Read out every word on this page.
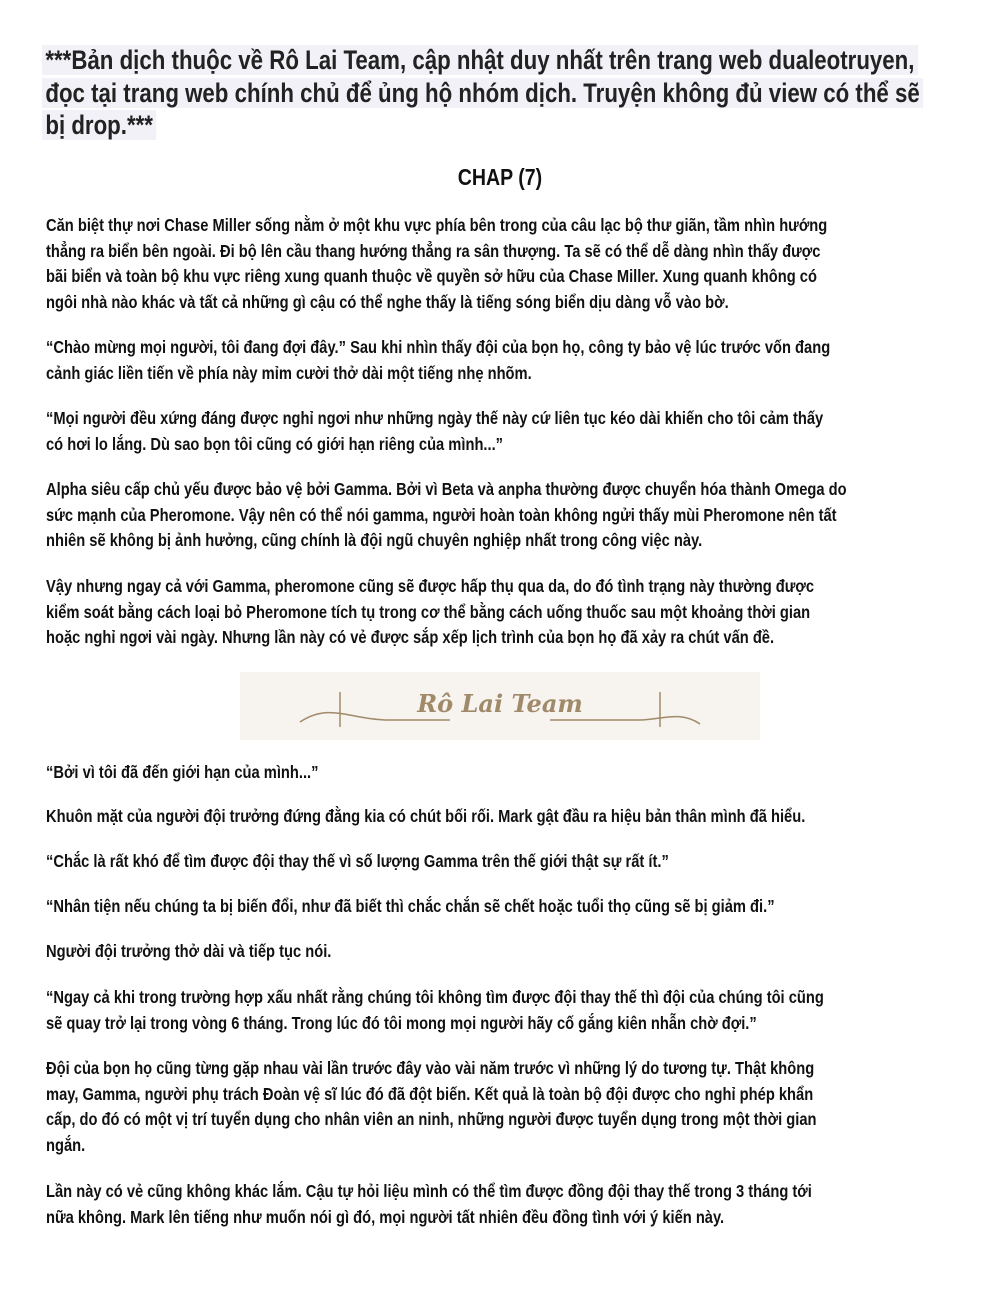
***Bản dịch thuộc về Rô Lai Team, cập nhật duy nhất trên trang web dualeotruyen,
đọc tại trang web chính chủ để ủng hộ nhóm dịch. Truyện không đủ view có thể sẽ
bị drop.***
CHAP (7)
Căn biệt thự nơi Chase Miller sống nằm ở một khu vực phía bên trong của câu lạc bộ thư giãn, tầm nhìn hướng
thẳng ra biển bên ngoài. Đi bộ lên cầu thang hướng thẳng ra sân thượng. Ta sẽ có thể dễ dàng nhìn thấy được
bãi biển và toàn bộ khu vực riêng xung quanh thuộc về quyền sở hữu của Chase Miller. Xung quanh không có
ngôi nhà nào khác và tất cả những gì cậu có thể nghe thấy là tiếng sóng biển dịu dàng vỗ vào bờ.
“Chào mừng mọi người, tôi đang đợi đây.” Sau khi nhìn thấy đội của bọn họ, công ty bảo vệ lúc trước vốn đang
cảnh giác liền tiến về phía này mỉm cười thở dài một tiếng nhẹ nhõm.
“Mọi người đều xứng đáng được nghỉ ngơi như những ngày thế này cứ liên tục kéo dài khiến cho tôi cảm thấy
có hơi lo lắng. Dù sao bọn tôi cũng có giới hạn riêng của mình...”
Alpha siêu cấp chủ yếu được bảo vệ bởi Gamma. Bởi vì Beta và anpha thường được chuyển hóa thành Omega do
sức mạnh của Pheromone. Vậy nên có thể nói gamma, người hoàn toàn không ngửi thấy mùi Pheromone nên tất
nhiên sẽ không bị ảnh hưởng, cũng chính là đội ngũ chuyên nghiệp nhất trong công việc này.
Vậy nhưng ngay cả với Gamma, pheromone cũng sẽ được hấp thụ qua da, do đó tình trạng này thường được
kiểm soát bằng cách loại bỏ Pheromone tích tụ trong cơ thể bằng cách uống thuốc sau một khoảng thời gian
hoặc nghỉ ngơi vài ngày. Nhưng lần này có vẻ được sắp xếp lịch trình của bọn họ đã xảy ra chút vấn đề.
Rô Lai Team
“Bởi vì tôi đã đến giới hạn của mình...”
Khuôn mặt của người đội trưởng đứng đằng kia có chút bối rối. Mark gật đầu ra hiệu bản thân mình đã hiểu.
“Chắc là rất khó để tìm được đội thay thế vì số lượng Gamma trên thế giới thật sự rất ít.”
“Nhân tiện nếu chúng ta bị biến đổi, như đã biết thì chắc chắn sẽ chết hoặc tuổi thọ cũng sẽ bị giảm đi.”
Người đội trưởng thở dài và tiếp tục nói.
“Ngay cả khi trong trường hợp xấu nhất rằng chúng tôi không tìm được đội thay thế thì đội của chúng tôi cũng
sẽ quay trở lại trong vòng 6 tháng. Trong lúc đó tôi mong mọi người hãy cố gắng kiên nhẫn chờ đợi.”
Đội của bọn họ cũng từng gặp nhau vài lần trước đây vào vài năm trước vì những lý do tương tự. Thật không
may, Gamma, người phụ trách Đoàn vệ sĩ lúc đó đã đột biến. Kết quả là toàn bộ đội được cho nghỉ phép khẩn
cấp, do đó có một vị trí tuyển dụng cho nhân viên an ninh, những người được tuyển dụng trong một thời gian
ngắn.
Lần này có vẻ cũng không khác lắm. Cậu tự hỏi liệu mình có thể tìm được đồng đội thay thế trong 3 tháng tới
nữa không. Mark lên tiếng như muốn nói gì đó, mọi người tất nhiên đều đồng tình với ý kiến này.
